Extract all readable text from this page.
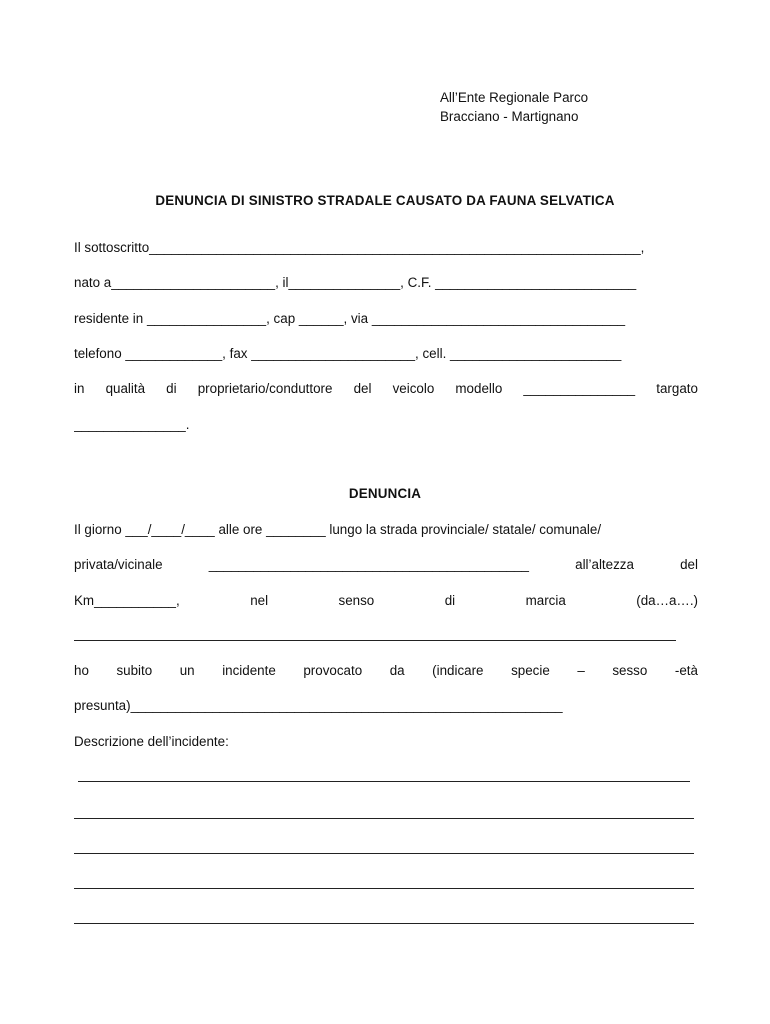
All’Ente Regionale Parco
Bracciano - Martignano
DENUNCIA DI SINISTRO STRADALE CAUSATO DA FAUNA SELVATICA
Il sottoscritto__________________________________________________________________,
nato a______________________, il_______________, C.F. ___________________________
residente in ________________, cap ______, via __________________________________
telefono _____________, fax ______________________, cell. _______________________
in qualità di proprietario/conduttore del veicolo modello _______________ targato
_______________.
DENUNCIA
Il giorno ___/____/____ alle ore ________ lungo la strada provinciale/ statale/ comunale/
privata/vicinale	___________________________________________	all’altezza	del
Km___________,	nel	senso	di	marcia	(da…a….)
ho subito un incidente provocato da (indicare specie – sesso -età
presunta)__________________________________________________________
Descrizione dell’incidente:
